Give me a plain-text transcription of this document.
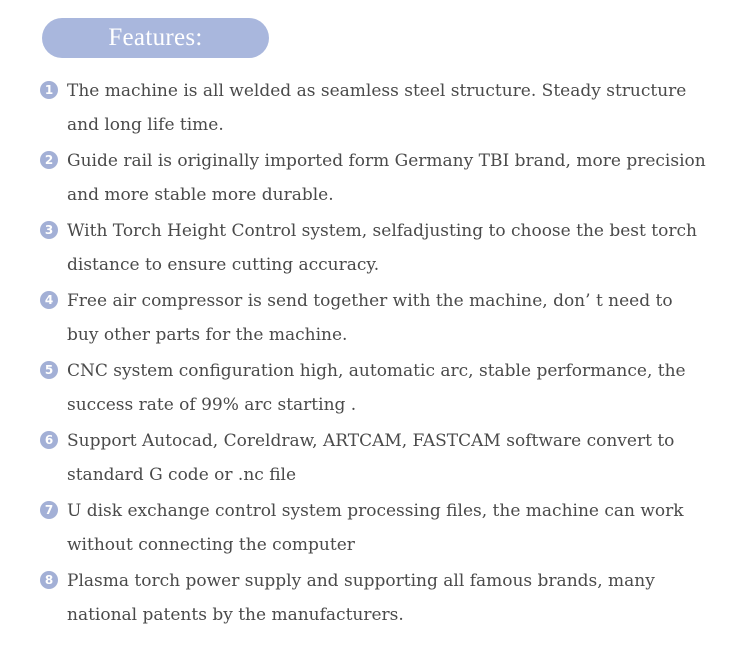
Features:
1 The machine is all welded as seamless steel structure. Steady structure
and long life time.
2 Guide rail is originally imported form Germany TBI brand, more precision
and more stable more durable.
3 With Torch Height Control system, selfadjusting to choose the best torch
distance to ensure cutting accuracy.
4 Free air compressor is send together with the machine, don’ t need to
buy other parts for the machine.
5 CNC system configuration high, automatic arc, stable performance, the
success rate of 99% arc starting .
6 Support Autocad, Coreldraw, ARTCAM, FASTCAM software convert to
standard G code or .nc file
7 U disk exchange control system processing files, the machine can work
without connecting the computer
8 Plasma torch power supply and supporting all famous brands, many
national patents by the manufacturers.
